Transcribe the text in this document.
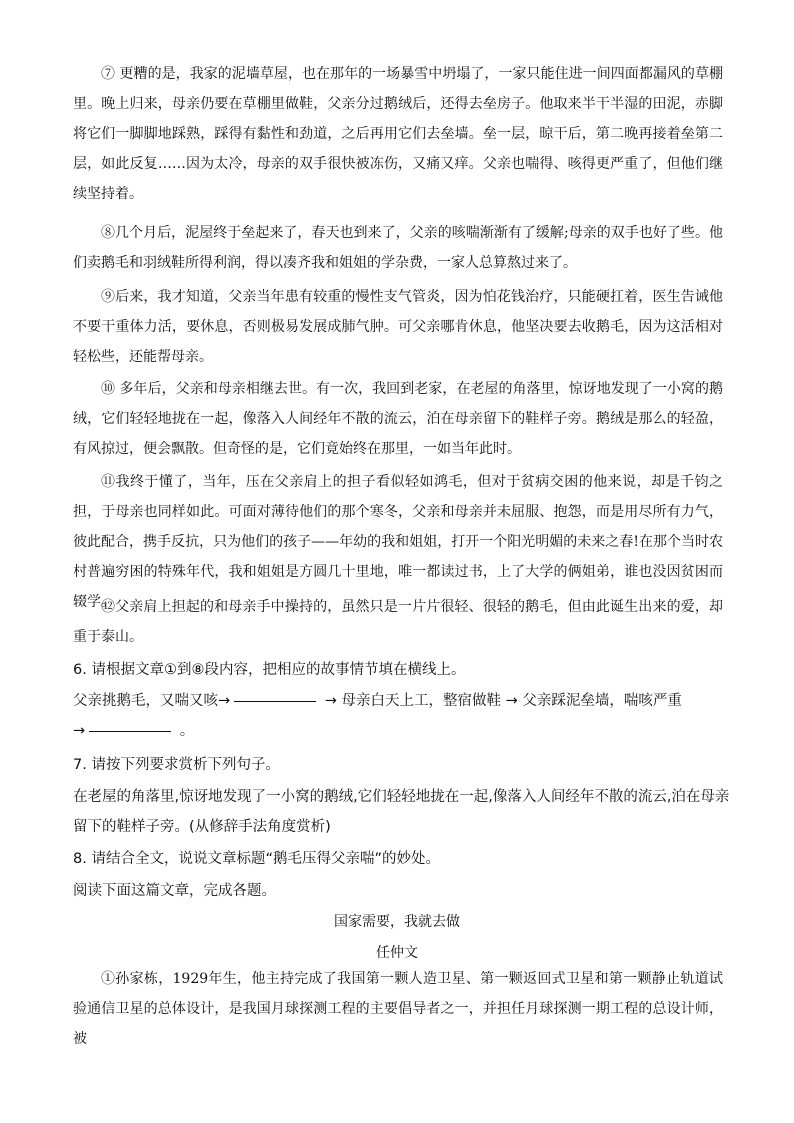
⑦ 更糟的是，我家的泥墙草屋，也在那年的一场暴雪中坍塌了，一家只能住进一间四面都漏风的草棚里。晚上归来，母亲仍要在草棚里做鞋，父亲分过鹅绒后，还得去垒房子。他取来半干半湿的田泥，赤脚将它们一脚脚地踩熟，踩得有黏性和劲道，之后再用它们去垒墙。垒一层，晾干后，第二晚再接着垒第二层，如此反复……因为太冷，母亲的双手很快被冻伤，又痛又痒。父亲也喘得、咳得更严重了，但他们继续坚持着。

⑧几个月后，泥屋终于垒起来了，春天也到来了，父亲的咳喘渐渐有了缓解;母亲的双手也好了些。他们卖鹅毛和羽绒鞋所得利润，得以凑齐我和姐姐的学杂费，一家人总算熬过来了。

⑨后来，我才知道，父亲当年患有较重的慢性支气管炎，因为怕花钱治疗，只能硬扛着，医生告诫他不要干重体力活，要休息，否则极易发展成肺气肿。可父亲哪肯休息，他坚决要去收鹅毛，因为这活相对轻松些，还能帮母亲。

⑩ 多年后，父亲和母亲相继去世。有一次，我回到老家，在老屋的角落里，惊讶地发现了一小窝的鹅绒，它们轻轻地拢在一起，像落入人间经年不散的流云，泊在母亲留下的鞋样子旁。鹅绒是那么的轻盈，有风掠过，便会飘散。但奇怪的是，它们竟始终在那里，一如当年此时。

⑪我终于懂了，当年，压在父亲肩上的担子看似轻如鸿毛，但对于贫病交困的他来说，却是千钧之担，于母亲也同样如此。可面对薄待他们的那个寒冬，父亲和母亲并未屈服、抱怨，而是用尽所有力气，彼此配合，携手反抗，只为他们的孩子——年幼的我和姐姐，打开一个阳光明媚的未来之春!在那个当时农村普遍穷困的特殊年代，我和姐姐是方圆几十里地，唯一都读过书，上了大学的俩姐弟，谁也没因贫困而辍学。

⑫父亲肩上担起的和母亲手中操持的，虽然只是一片片很轻、很轻的鹅毛，但由此诞生出来的爱，却重于泰山。

6. 请根据文章①到⑧段内容，把相应的故事情节填在横线上。

父亲挑鹅毛，又喘又咳→	→ 母亲白天上工，整宿做鞋 → 父亲踩泥垒墙，喘咳严重
→	。

7. 请按下列要求赏析下列句子。

在老屋的角落里,惊讶地发现了一小窝的鹅绒,它们轻轻地拢在一起,像落入人间经年不散的流云,泊在母亲留下的鞋样子旁。(从修辞手法角度赏析)

8. 请结合全文，说说文章标题“鹅毛压得父亲喘”的妙处。

阅读下面这篇文章，完成各题。

国家需要，我就去做

任仲文

①孙家栋，1929年生，他主持完成了我国第一颗人造卫星、第一颗返回式卫星和第一颗静止轨道试验通信卫星的总体设计，是我国月球探测工程的主要倡导者之一，并担任月球探测一期工程的总设计师，被
